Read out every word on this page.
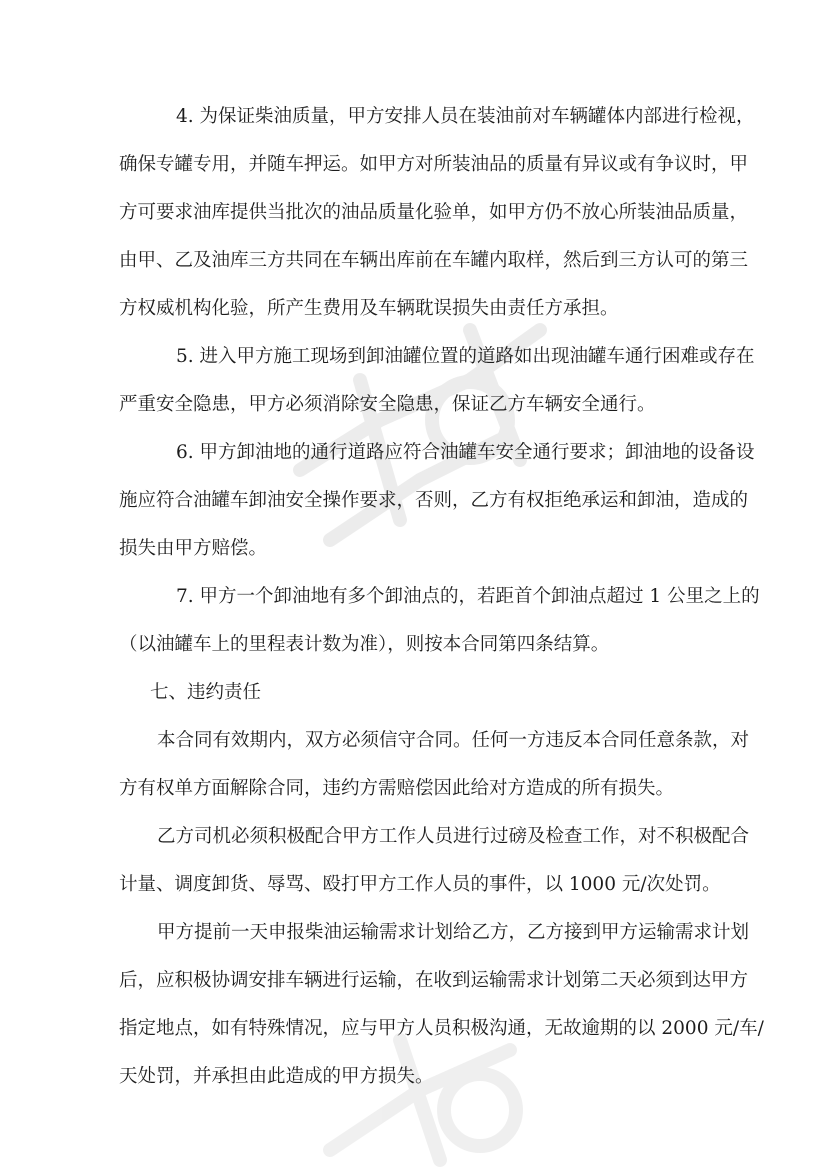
4. 为保证柴油质量，甲方安排人员在装油前对车辆罐体内部进行检视，
确保专罐专用，并随车押运。如甲方对所装油品的质量有异议或有争议时，甲
方可要求油库提供当批次的油品质量化验单，如甲方仍不放心所装油品质量，
由甲、乙及油库三方共同在车辆出库前在车罐内取样，然后到三方认可的第三
方权威机构化验，所产生费用及车辆耽误损失由责任方承担。
5. 进入甲方施工现场到卸油罐位置的道路如出现油罐车通行困难或存在
严重安全隐患，甲方必须消除安全隐患，保证乙方车辆安全通行。
6. 甲方卸油地的通行道路应符合油罐车安全通行要求；卸油地的设备设
施应符合油罐车卸油安全操作要求，否则，乙方有权拒绝承运和卸油，造成的
损失由甲方赔偿。
7. 甲方一个卸油地有多个卸油点的，若距首个卸油点超过 1 公里之上的
（以油罐车上的里程表计数为准），则按本合同第四条结算。
七、违约责任
本合同有效期内，双方必须信守合同。任何一方违反本合同任意条款，对
方有权单方面解除合同，违约方需赔偿因此给对方造成的所有损失。
乙方司机必须积极配合甲方工作人员进行过磅及检查工作，对不积极配合
计量、调度卸货、辱骂、殴打甲方工作人员的事件，以 1000 元/次处罚。
甲方提前一天申报柴油运输需求计划给乙方，乙方接到甲方运输需求计划
后，应积极协调安排车辆进行运输，在收到运输需求计划第二天必须到达甲方
指定地点，如有特殊情况，应与甲方人员积极沟通，无故逾期的以 2000 元/车/
天处罚，并承担由此造成的甲方损失。
